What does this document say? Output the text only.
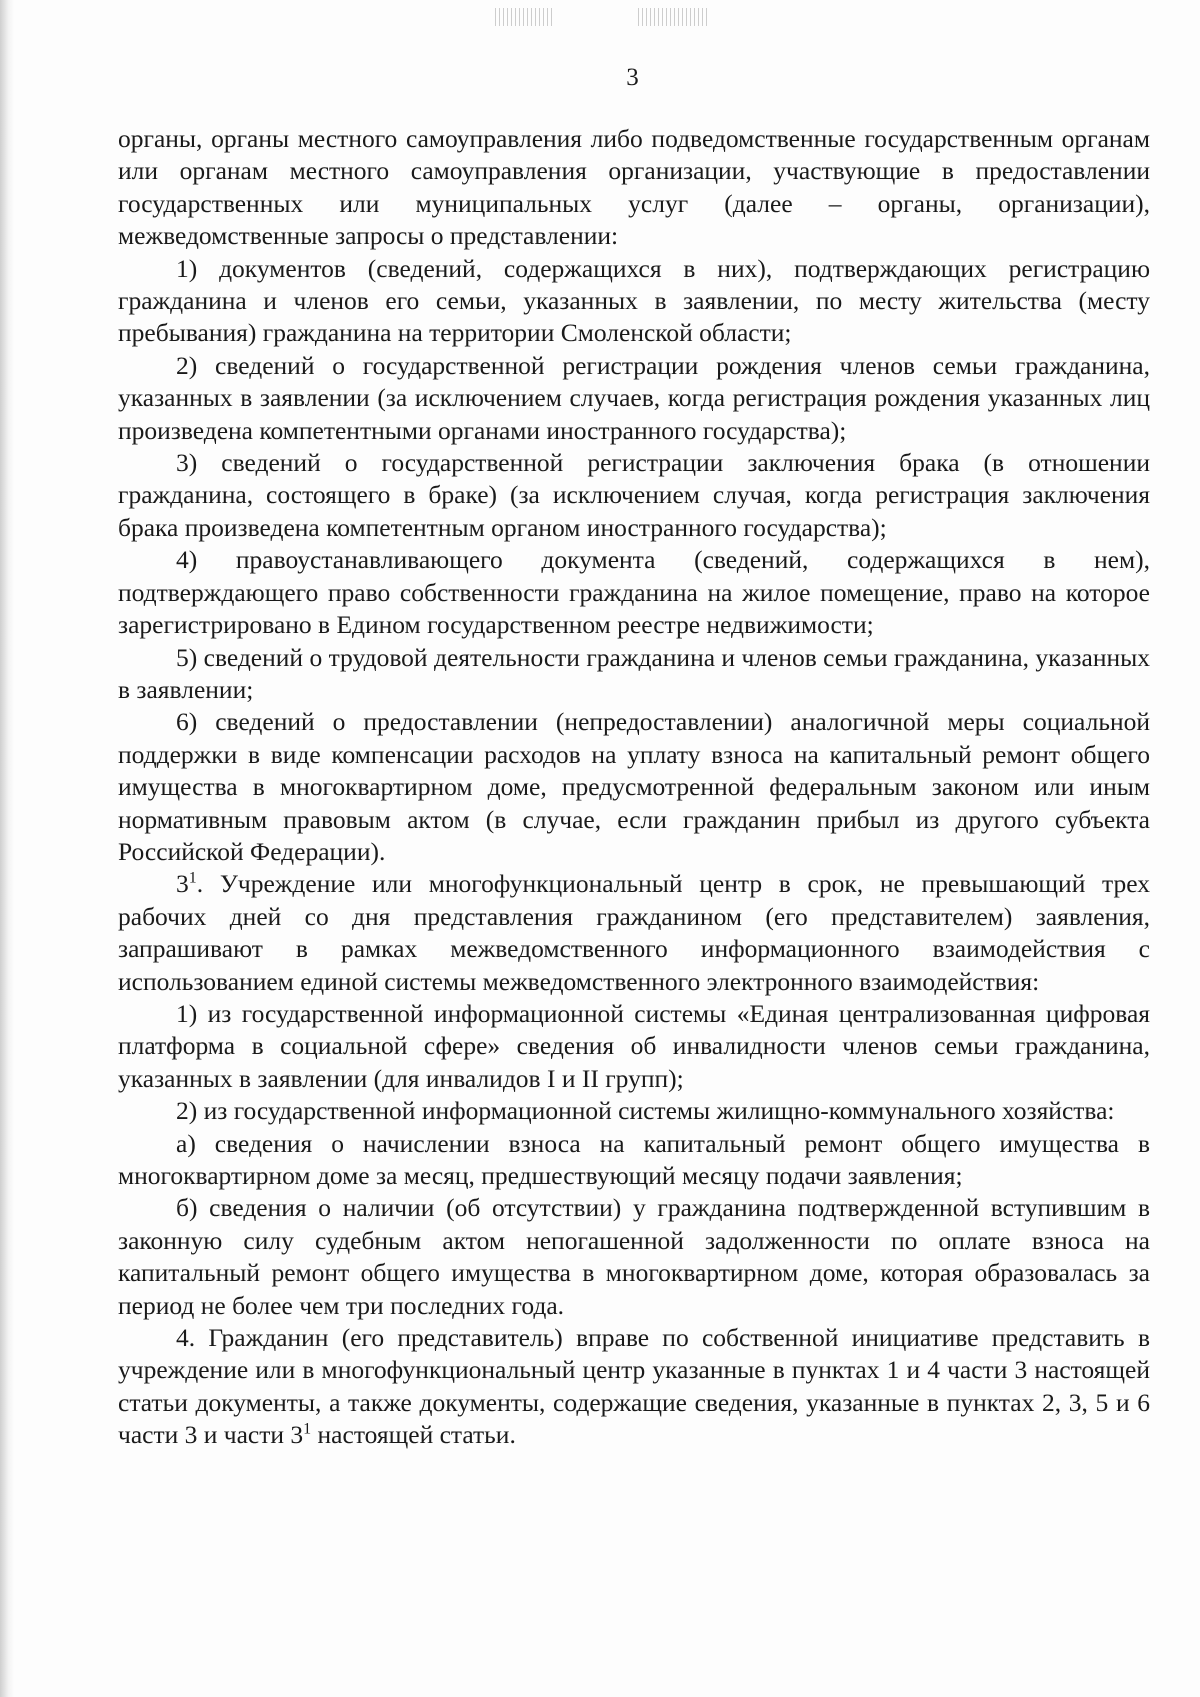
3

органы, органы местного самоуправления либо подведомственные государственным органам или органам местного самоуправления организации, участвующие в предоставлении государственных или муниципальных услуг (далее – органы, организации), межведомственные запросы о представлении:

1) документов (сведений, содержащихся в них), подтверждающих регистрацию гражданина и членов его семьи, указанных в заявлении, по месту жительства (месту пребывания) гражданина на территории Смоленской области;

2) сведений о государственной регистрации рождения членов семьи гражданина, указанных в заявлении (за исключением случаев, когда регистрация рождения указанных лиц произведена компетентными органами иностранного государства);

3) сведений о государственной регистрации заключения брака (в отношении гражданина, состоящего в браке) (за исключением случая, когда регистрация заключения брака произведена компетентным органом иностранного государства);

4) правоустанавливающего документа (сведений, содержащихся в нем), подтверждающего право собственности гражданина на жилое помещение, право на которое зарегистрировано в Едином государственном реестре недвижимости;

5) сведений о трудовой деятельности гражданина и членов семьи гражданина, указанных в заявлении;

6) сведений о предоставлении (непредоставлении) аналогичной меры социальной поддержки в виде компенсации расходов на уплату взноса на капитальный ремонт общего имущества в многоквартирном доме, предусмотренной федеральным законом или иным нормативным правовым актом (в случае, если гражданин прибыл из другого субъекта Российской Федерации).

$3^1$. Учреждение или многофункциональный центр в срок, не превышающий трех рабочих дней со дня представления гражданином (его представителем) заявления, запрашивают в рамках межведомственного информационного взаимодействия с использованием единой системы межведомственного электронного взаимодействия:

1) из государственной информационной системы «Единая централизованная цифровая платформа в социальной сфере» сведения об инвалидности членов семьи гражданина, указанных в заявлении (для инвалидов I и II групп);

2) из государственной информационной системы жилищно-коммунального хозяйства:

а) сведения о начислении взноса на капитальный ремонт общего имущества в многоквартирном доме за месяц, предшествующий месяцу подачи заявления;

б) сведения о наличии (об отсутствии) у гражданина подтвержденной вступившим в законную силу судебным актом непогашенной задолженности по оплате взноса на капитальный ремонт общего имущества в многоквартирном доме, которая образовалась за период не более чем три последних года.

4. Гражданин (его представитель) вправе по собственной инициативе представить в учреждение или в многофункциональный центр указанные в пунктах 1 и 4 части 3 настоящей статьи документы, а также документы, содержащие сведения, указанные в пунктах 2, 3, 5 и 6 части 3 и части $3^1$ настоящей статьи.
